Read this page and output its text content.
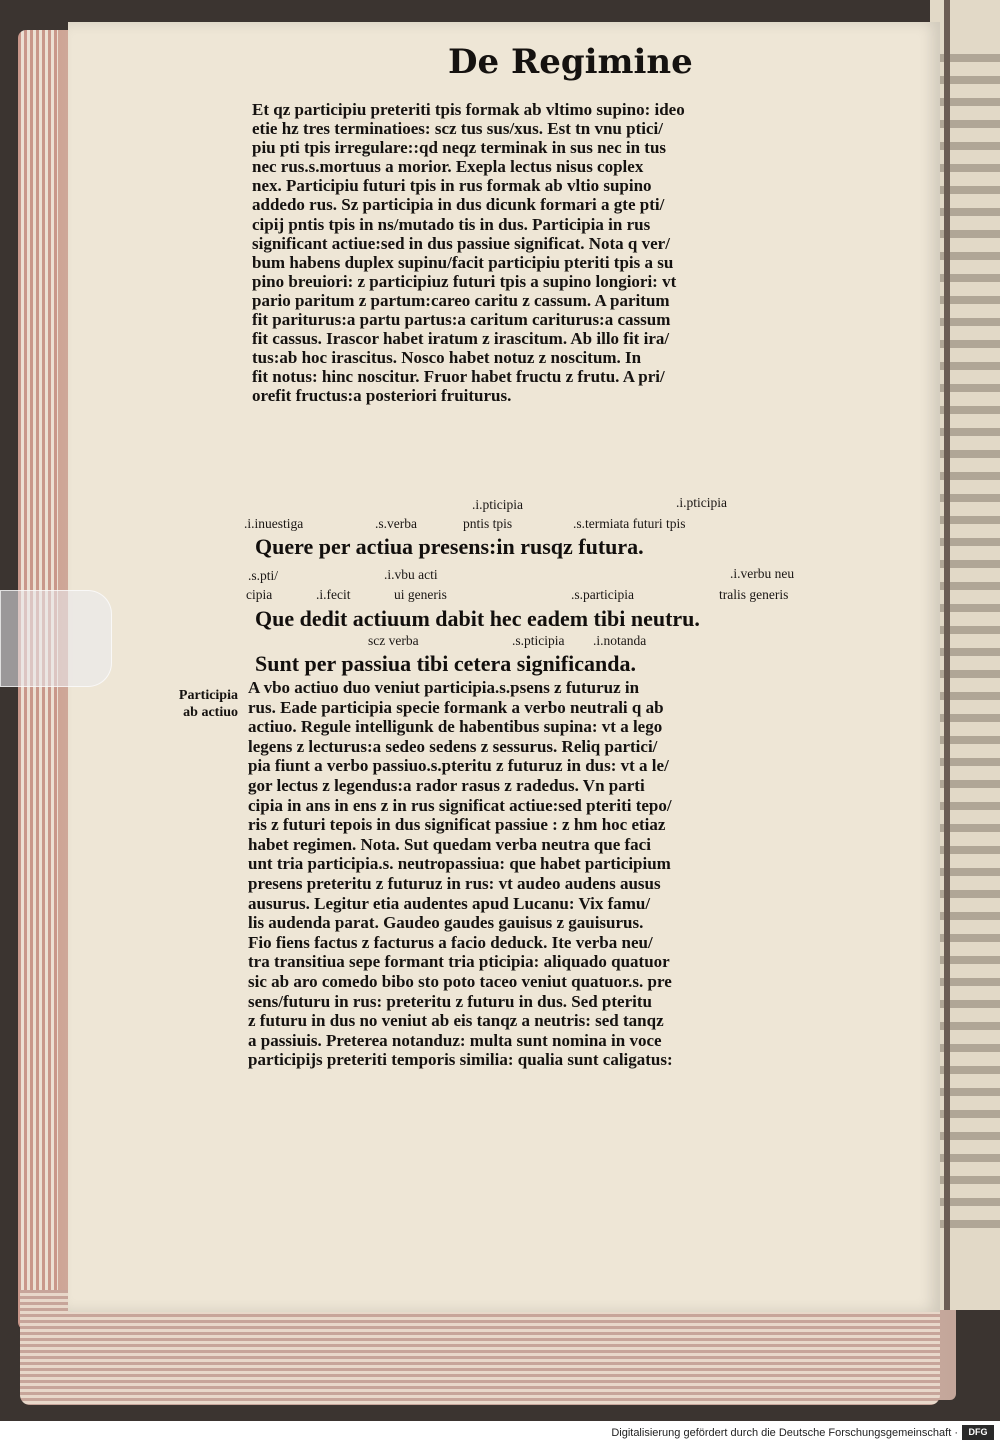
De Regimine
Et qz participiu preteriti tpis formak ab vltimo supino: ideo
etie hz tres terminatioes: scz tus sus/xus. Est tn vnu ptici/
piu pti tpis irregulare::qd neqz terminak in sus nec in tus
nec rus.s.mortuus a morior. Exepla lectus nisus coplex
nex. Participiu futuri tpis in rus formak ab vltio supino
addedo rus. Sz participia in dus dicunk formari a gte pti/
cipij pntis tpis in ns/mutado tis in dus. Participia in rus
significant actiue:sed in dus passiue significat. Nota q ver/
bum habens duplex supinu/facit participiu pteriti tpis a su
pino breuiori: z participiuz futuri tpis a supino longiori: vt
pario paritum z partum:careo caritu z cassum. A paritum
fit pariturus:a partu partus:a caritum cariturus:a cassum
fit cassus. Irascor habet iratum z irascitum. Ab illo fit ira/
tus:ab hoc irascitus. Nosco habet notuz z noscitum. In
fit notus: hinc noscitur. Fruor habet fructu z frutu. A pri/
orefit fructus:a posteriori fruiturus.
.i.pticipia	.i.pticipia
.i.inuestiga	.s.verba	pntis tpis	.s.termiata futuri tpis
Quere per actiua presens:in rusqz futura.
.s.pti/	.i.vbu acti	.i.verbu neu
cipia	.i.fecit	ui generis	.s.participia	tralis generis
Que dedit actiuum dabit hec eadem tibi neutru.
scz verba	.s.pticipia .i.notanda
Sunt per passiua tibi cetera significanda.
Participia
ab actiuo
A vbo actiuo duo veniut participia.s.psens z futuruz in
rus. Eade participia specie formank a verbo neutrali q ab
actiuo. Regule intelligunk de habentibus supina: vt a lego
legens z lecturus:a sedeo sedens z sessurus. Reliq partici/
pia fiunt a verbo passiuo.s.pteritu z futuruz in dus: vt a le/
gor lectus z legendus:a rador rasus z radedus. Vn parti
cipia in ans in ens z in rus significat actiue:sed pteriti tepo/
ris z futuri tepois in dus significat passiue : z hm hoc etiaz
habet regimen. Nota. Sut quedam verba neutra que faci
unt tria participia.s. neutropassiua: que habet participium
presens preteritu z futuruz in rus: vt audeo audens ausus
ausurus. Legitur etia audentes apud Lucanu: Vix famu/
lis audenda parat. Gaudeo gaudes gauisus z gauisurus.
Fio fiens factus z facturus a facio deduck. Ite verba neu/
tra transitiua sepe formant tria pticipia: aliquado quatuor
sic ab aro comedo bibo sto poto taceo veniut quatuor.s. pre
sens/futuru in rus: preteritu z futuru in dus. Sed pteritu
z futuru in dus no veniut ab eis tanqz a neutris: sed tanqz
a passiuis. Preterea notanduz: multa sunt nomina in voce
participijs preteriti temporis similia: qualia sunt caligatus:
Digitalisierung gefördert durch die Deutsche Forschungsgemeinschaft ·	DFG
